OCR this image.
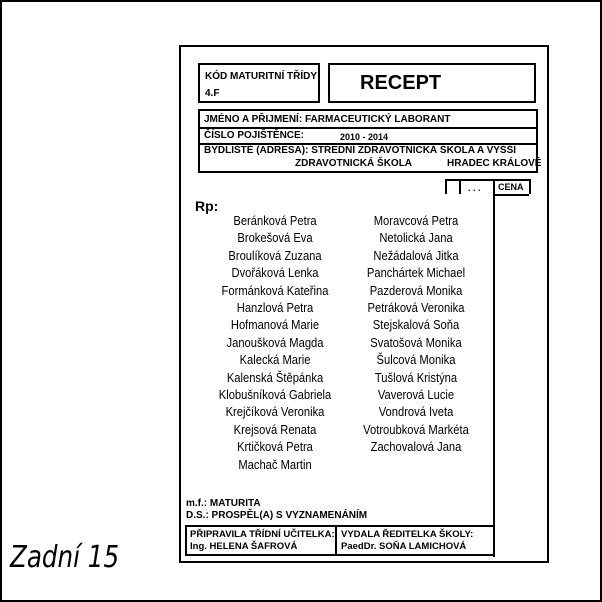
KÓD MATURITNÍ TŘÍDY
4.F	RECEPT
JMÉNO A PŘIJMENÍ: FARMACEUTICKÝ LABORANT
ČÍSLO POJIŠTĚNCE:	2010 - 2014
BYDLIŠTĚ (ADRESA): STŘEDNÍ ZDRAVOTNICKÁ ŠKOLA A VYŠŠÍ
ZDRAVOTNICKÁ ŠKOLA	HRADEC KRÁLOVÉ
. . . CENA
Rp:
Beránková Petra
Brokešová Eva
Broulíková Zuzana
Dvořáková Lenka
Formánková Kateřina
Hanzlová Petra
Hofmanová Marie
Janoušková Magda
Kalecká Marie
Kalenská Štěpánka
Klobušníková Gabriela
Krejčíková Veronika
Krejsová Renata
Krtičková Petra
Machač Martin
Moravcová Petra
Netolická Jana
Nežádalová Jitka
Panchártek Michael
Pazderová Monika
Petráková Veronika
Stejskalová Soňa
Svatošová Monika
Šulcová Monika
Tušlová Kristýna
Vaverová Lucie
Vondrová Iveta
Votroubková Markéta
Zachovalová Jana
m.f.: MATURITA
D.S.: PROSPĚL(A) S VYZNAMENÁNÍM
PŘIPRAVILA TŘÍDNÍ UČITELKA:
Ing. HELENA ŠAFROVÁ
VYDALA ŘEDITELKA ŠKOLY:
PaedDr. SOŇA LAMICHOVÁ
Zadní 15
